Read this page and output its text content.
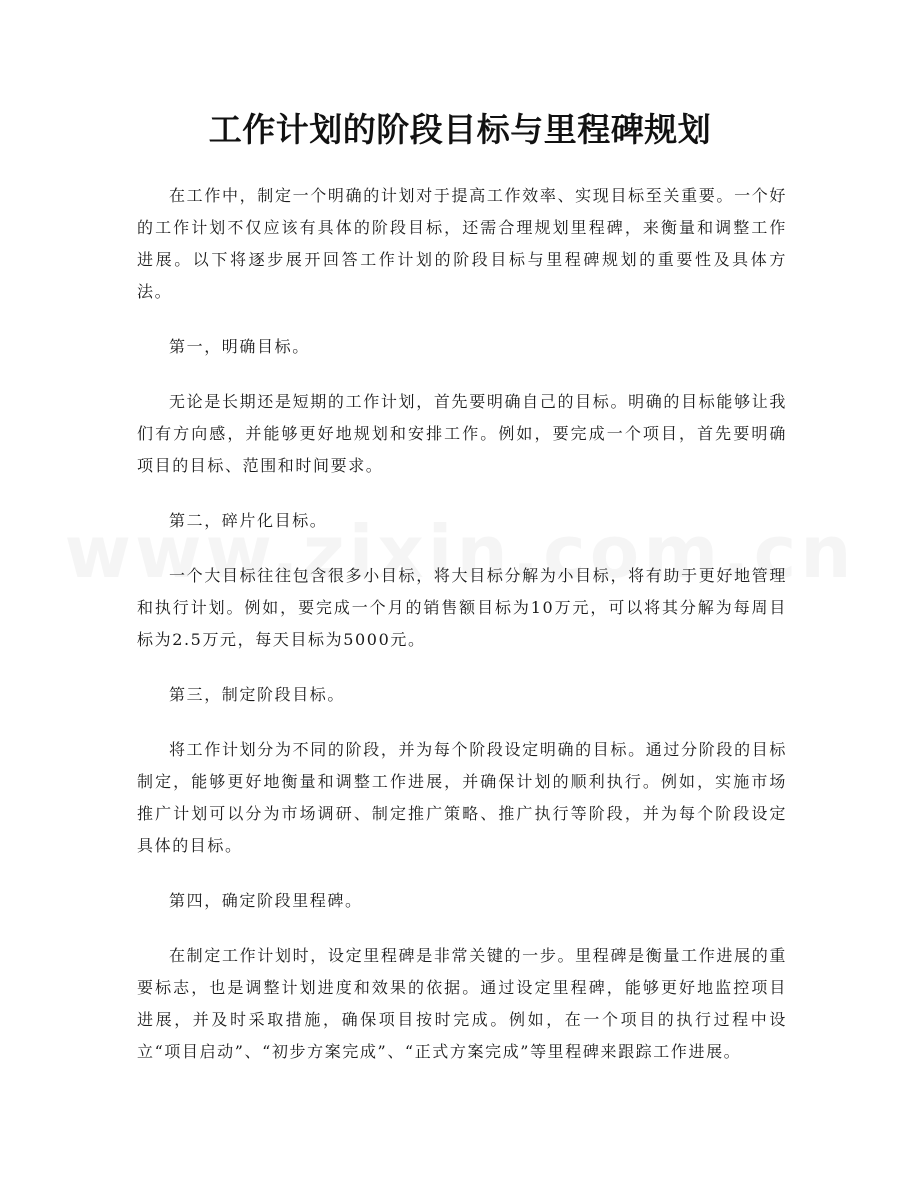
工作计划的阶段目标与里程碑规划

在工作中，制定一个明确的计划对于提高工作效率、实现目标至关重要。一个好的工作计划不仅应该有具体的阶段目标，还需合理规划里程碑，来衡量和调整工作进展。以下将逐步展开回答工作计划的阶段目标与里程碑规划的重要性及具体方法。

第一，明确目标。

无论是长期还是短期的工作计划，首先要明确自己的目标。明确的目标能够让我们有方向感，并能够更好地规划和安排工作。例如，要完成一个项目，首先要明确项目的目标、范围和时间要求。

第二，碎片化目标。

一个大目标往往包含很多小目标，将大目标分解为小目标，将有助于更好地管理和执行计划。例如，要完成一个月的销售额目标为10万元，可以将其分解为每周目标为2.5万元，每天目标为5000元。

第三，制定阶段目标。

将工作计划分为不同的阶段，并为每个阶段设定明确的目标。通过分阶段的目标制定，能够更好地衡量和调整工作进展，并确保计划的顺利执行。例如，实施市场推广计划可以分为市场调研、制定推广策略、推广执行等阶段，并为每个阶段设定具体的目标。

第四，确定阶段里程碑。

在制定工作计划时，设定里程碑是非常关键的一步。里程碑是衡量工作进展的重要标志，也是调整计划进度和效果的依据。通过设定里程碑，能够更好地监控项目进展，并及时采取措施，确保项目按时完成。例如，在一个项目的执行过程中设立“项目启动”、“初步方案完成”、“正式方案完成”等里程碑来跟踪工作进展。
